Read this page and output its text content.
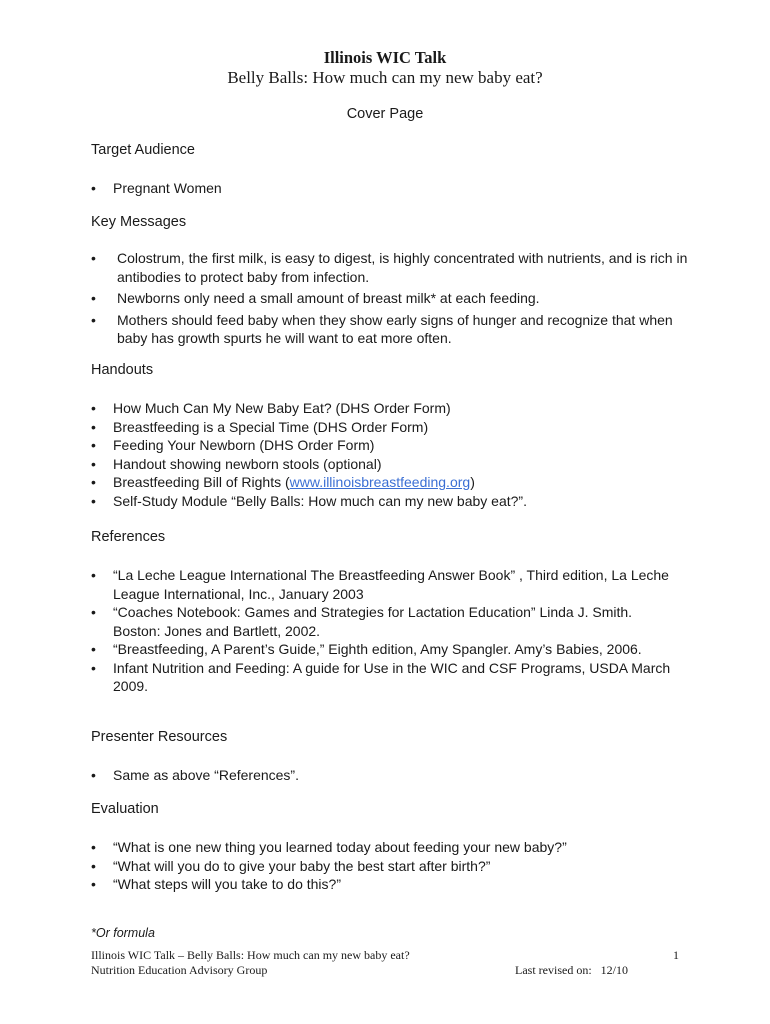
Illinois WIC Talk
Belly Balls: How much can my new baby eat?
Cover Page
Target Audience
• Pregnant Women
Key Messages
• Colostrum, the first milk, is easy to digest, is highly concentrated with nutrients, and is rich in antibodies to protect baby from infection.
• Newborns only need a small amount of breast milk* at each feeding.
• Mothers should feed baby when they show early signs of hunger and recognize that when baby has growth spurts he will want to eat more often.
Handouts
• How Much Can My New Baby Eat? (DHS Order Form)
• Breastfeeding is a Special Time (DHS Order Form)
• Feeding Your Newborn (DHS Order Form)
• Handout showing newborn stools (optional)
• Breastfeeding Bill of Rights (www.illinoisbreastfeeding.org)
• Self-Study Module “Belly Balls: How much can my new baby eat?”.
References
• “La Leche League International The Breastfeeding Answer Book” , Third edition, La Leche League International, Inc., January 2003
• “Coaches Notebook: Games and Strategies for Lactation Education” Linda J. Smith. Boston: Jones and Bartlett, 2002.
• “Breastfeeding, A Parent’s Guide,” Eighth edition, Amy Spangler. Amy’s Babies, 2006.
• Infant Nutrition and Feeding: A guide for Use in the WIC and CSF Programs, USDA March 2009.
Presenter Resources
• Same as above “References”.
Evaluation
• “What is one new thing you learned today about feeding your new baby?”
• “What will you do to give your baby the best start after birth?”
• “What steps will you take to do this?”
*Or formula
Illinois WIC Talk – Belly Balls: How much can my new baby eat?
Nutrition Education Advisory Group
1
Last revised on: 12/10
